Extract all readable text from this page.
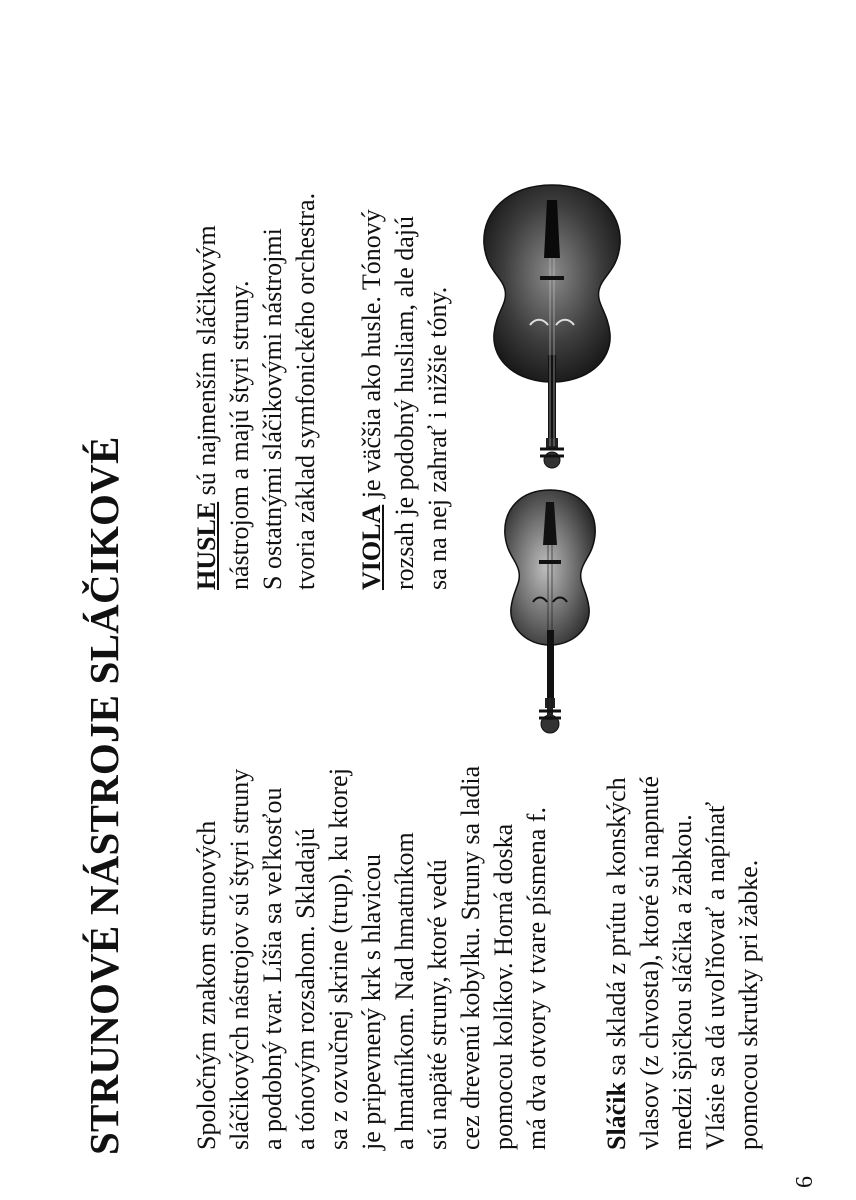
STRUNOVÉ NÁSTROJE SLÁČIKOVÉ	Spoločným znakom strunových sláčikových nástrojov sú štyri struny a podobný tvar. Líšia sa veľkosťou a tónovým rozsahom. Skladajú sa z ozvučnej skrine (trup), ku ktorej je pripevnený krk s hlavicou a hmatníkom. Nad hmatníkom sú napäté struny, ktoré vedú cez drevenú kobylku. Struny sa ladia pomocou kolíkov. Horná doska má dva otvory v tvare písmena f. Sláčik sa skladá z prútu a konských vlasov (z chvosta), ktoré sú napnuté medzi špičkou sláčika a žabkou. Vlásie sa dá uvoľňovať a napínať pomocou skrutky pri žabke.

HUSLE sú najmenším sláčikovým nástrojom a majú štyri struny. S ostatnými sláčikovými nástrojmi tvoria základ symfonického orchestra. VIOLA je väčšia ako husle. Tónový rozsah je podobný husliam, ale dajú sa na nej zahrať i nižšie tóny.

6
